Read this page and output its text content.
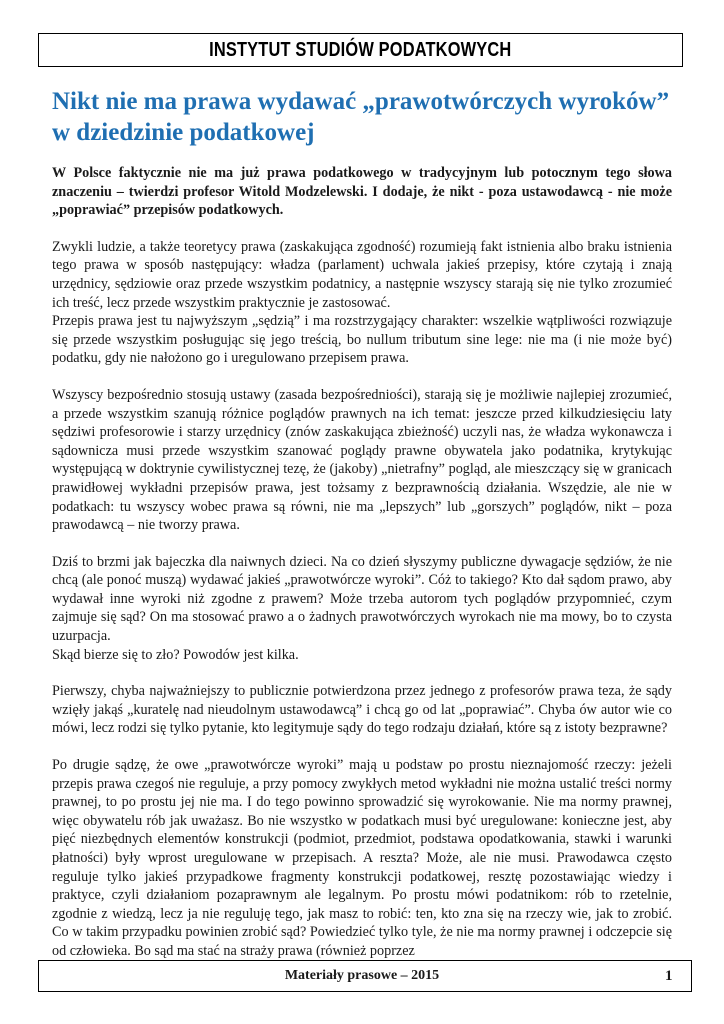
INSTYTUT STUDIÓW PODATKOWYCH
Nikt nie ma prawa wydawać „prawotwórczych wyroków” w dziedzinie podatkowej

W Polsce faktycznie nie ma już prawa podatkowego w tradycyjnym lub potocznym tego słowa znaczeniu – twierdzi profesor Witold Modzelewski. I dodaje, że nikt - poza ustawodawcą - nie może „poprawiać” przepisów podatkowych.

Zwykli ludzie, a także teoretycy prawa (zaskakująca zgodność) rozumieją fakt istnienia albo braku istnienia tego prawa w sposób następujący: władza (parlament) uchwala jakieś przepisy, które czytają i znają urzędnicy, sędziowie oraz przede wszystkim podatnicy, a następnie wszyscy starają się nie tylko zrozumieć ich treść, lecz przede wszystkim praktycznie je zastosować.

Przepis prawa jest tu najwyższym „sędzią” i ma rozstrzygający charakter: wszelkie wątpliwości rozwiązuje się przede wszystkim posługując się jego treścią, bo nullum tributum sine lege: nie ma (i nie może być) podatku, gdy nie nałożono go i uregulowano przepisem prawa.

Wszyscy bezpośrednio stosują ustawy (zasada bezpośredniości), starają się je możliwie najlepiej zrozumieć, a przede wszystkim szanują różnice poglądów prawnych na ich temat: jeszcze przed kilkudziesięciu laty sędziwi profesorowie i starzy urzędnicy (znów zaskakująca zbieżność) uczyli nas, że władza wykonawcza i sądownicza musi przede wszystkim szanować poglądy prawne obywatela jako podatnika, krytykując występującą w doktrynie cywilistycznej tezę, że (jakoby) „nietrafny” pogląd, ale mieszczący się w granicach prawidłowej wykładni przepisów prawa, jest tożsamy z bezprawnością działania. Wszędzie, ale nie w podatkach: tu wszyscy wobec prawa są równi, nie ma „lepszych” lub „gorszych” poglądów, nikt – poza prawodawcą – nie tworzy prawa.

Dziś to brzmi jak bajeczka dla naiwnych dzieci. Na co dzień słyszymy publiczne dywagacje sędziów, że nie chcą (ale ponoć muszą) wydawać jakieś „prawotwórcze wyroki”. Cóż to takiego? Kto dał sądom prawo, aby wydawał inne wyroki niż zgodne z prawem? Może trzeba autorom tych poglądów przypomnieć, czym zajmuje się sąd? On ma stosować prawo a o żadnych prawotwórczych wyrokach nie ma mowy, bo to czysta uzurpacja.

Skąd bierze się to zło? Powodów jest kilka.

Pierwszy, chyba najważniejszy to publicznie potwierdzona przez jednego z profesorów prawa teza, że sądy wzięły jakąś „kuratelę nad nieudolnym ustawodawcą” i chcą go od lat „poprawiać”. Chyba ów autor wie co mówi, lecz rodzi się tylko pytanie, kto legitymuje sądy do tego rodzaju działań, które są z istoty bezprawne?

Po drugie sądzę, że owe „prawotwórcze wyroki” mają u podstaw po prostu nieznajomość rzeczy: jeżeli przepis prawa czegoś nie reguluje, a przy pomocy zwykłych metod wykładni nie można ustalić treści normy prawnej, to po prostu jej nie ma. I do tego powinno sprowadzić się wyrokowanie. Nie ma normy prawnej, więc obywatelu rób jak uważasz. Bo nie wszystko w podatkach musi być uregulowane: konieczne jest, aby pięć niezbędnych elementów konstrukcji (podmiot, przedmiot, podstawa opodatkowania, stawki i warunki płatności) były wprost uregulowane w przepisach. A reszta? Może, ale nie musi. Prawodawca często reguluje tylko jakieś przypadkowe fragmenty konstrukcji podatkowej, resztę pozostawiając wiedzy i praktyce, czyli działaniom pozaprawnym ale legalnym. Po prostu mówi podatnikom: rób to rzetelnie, zgodnie z wiedzą, lecz ja nie reguluję tego, jak masz to robić: ten, kto zna się na rzeczy wie, jak to zrobić. Co w takim przypadku powinien zrobić sąd? Powiedzieć tylko tyle, że nie ma normy prawnej i odczepcie się od człowieka. Bo sąd ma stać na straży prawa (również poprzez

Materiały prasowe – 2015	1
